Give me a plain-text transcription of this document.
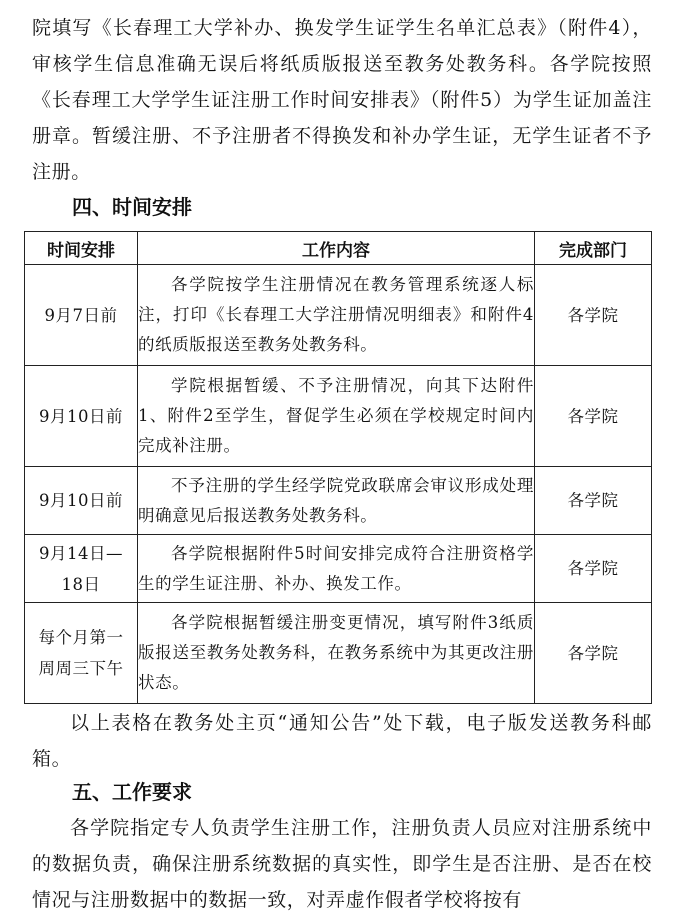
院填写《长春理工大学补办、换发学生证学生名单汇总表》（附件4），审核学生信息准确无误后将纸质版报送至教务处教务科。各学院按照《长春理工大学学生证注册工作时间安排表》（附件5）为学生证加盖注册章。暂缓注册、不予注册者不得换发和补办学生证，无学生证者不予注册。

四、时间安排

时间安排	工作内容	完成部门
9月7日前	各学院按学生注册情况在教务管理系统逐人标注，打印《长春理工大学注册情况明细表》和附件4的纸质版报送至教务处教务科。	各学院
9月10日前	学院根据暂缓、不予注册情况，向其下达附件1、附件2至学生，督促学生必须在学校规定时间内完成补注册。	各学院
9月10日前	不予注册的学生经学院党政联席会审议形成处理明确意见后报送教务处教务科。	各学院
9月14日—18日	各学院根据附件5时间安排完成符合注册资格学生的学生证注册、补办、换发工作。	各学院
每个月第一周周三下午	各学院根据暂缓注册变更情况，填写附件3纸质版报送至教务处教务科，在教务系统中为其更改注册状态。	各学院

以上表格在教务处主页“通知公告”处下载，电子版发送教务科邮箱。

五、工作要求

各学院指定专人负责学生注册工作，注册负责人员应对注册系统中的数据负责，确保注册系统数据的真实性，即学生是否注册、是否在校情况与注册数据中的数据一致，对弄虚作假者学校将按有
